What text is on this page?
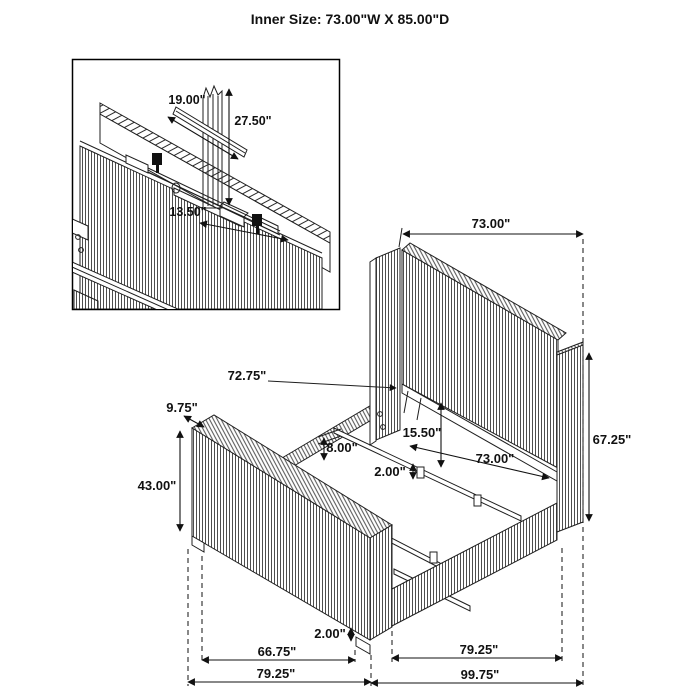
Inner Size: 73.00"W X 85.00"D
73.00"
67.25"
72.75"
9.75"
43.00"
8.00"
15.50"
73.00"
2.00"
2.00"
66.75"
79.25"
79.25"
99.75"
19.00"
27.50"
13.50"
